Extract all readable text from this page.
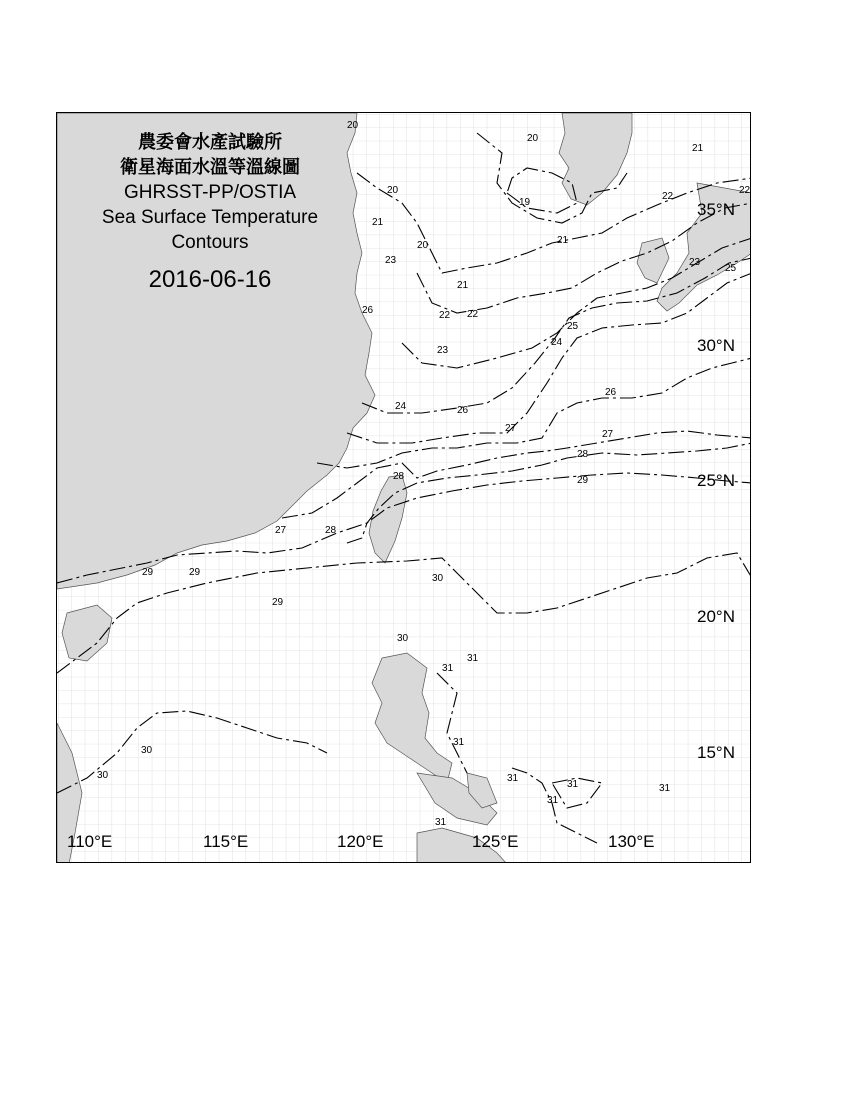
19
20
20
20
20
21
21
21
21
22
22
22
22
23
23
23
24
24
25
25
26
26
26
27
27
27
28
28
28
29	29
29
29
30
30
30
30
31
31
31
31
31
31
31
31
農委會水產試驗所
衛星海面水溫等溫線圖
GHRSST-PP/OSTIA
Sea Surface Temperature
Contours
2016-06-16
110°E	115°E	120°E	125°E	130°E
35°N
30°N
25°N
20°N
15°N
